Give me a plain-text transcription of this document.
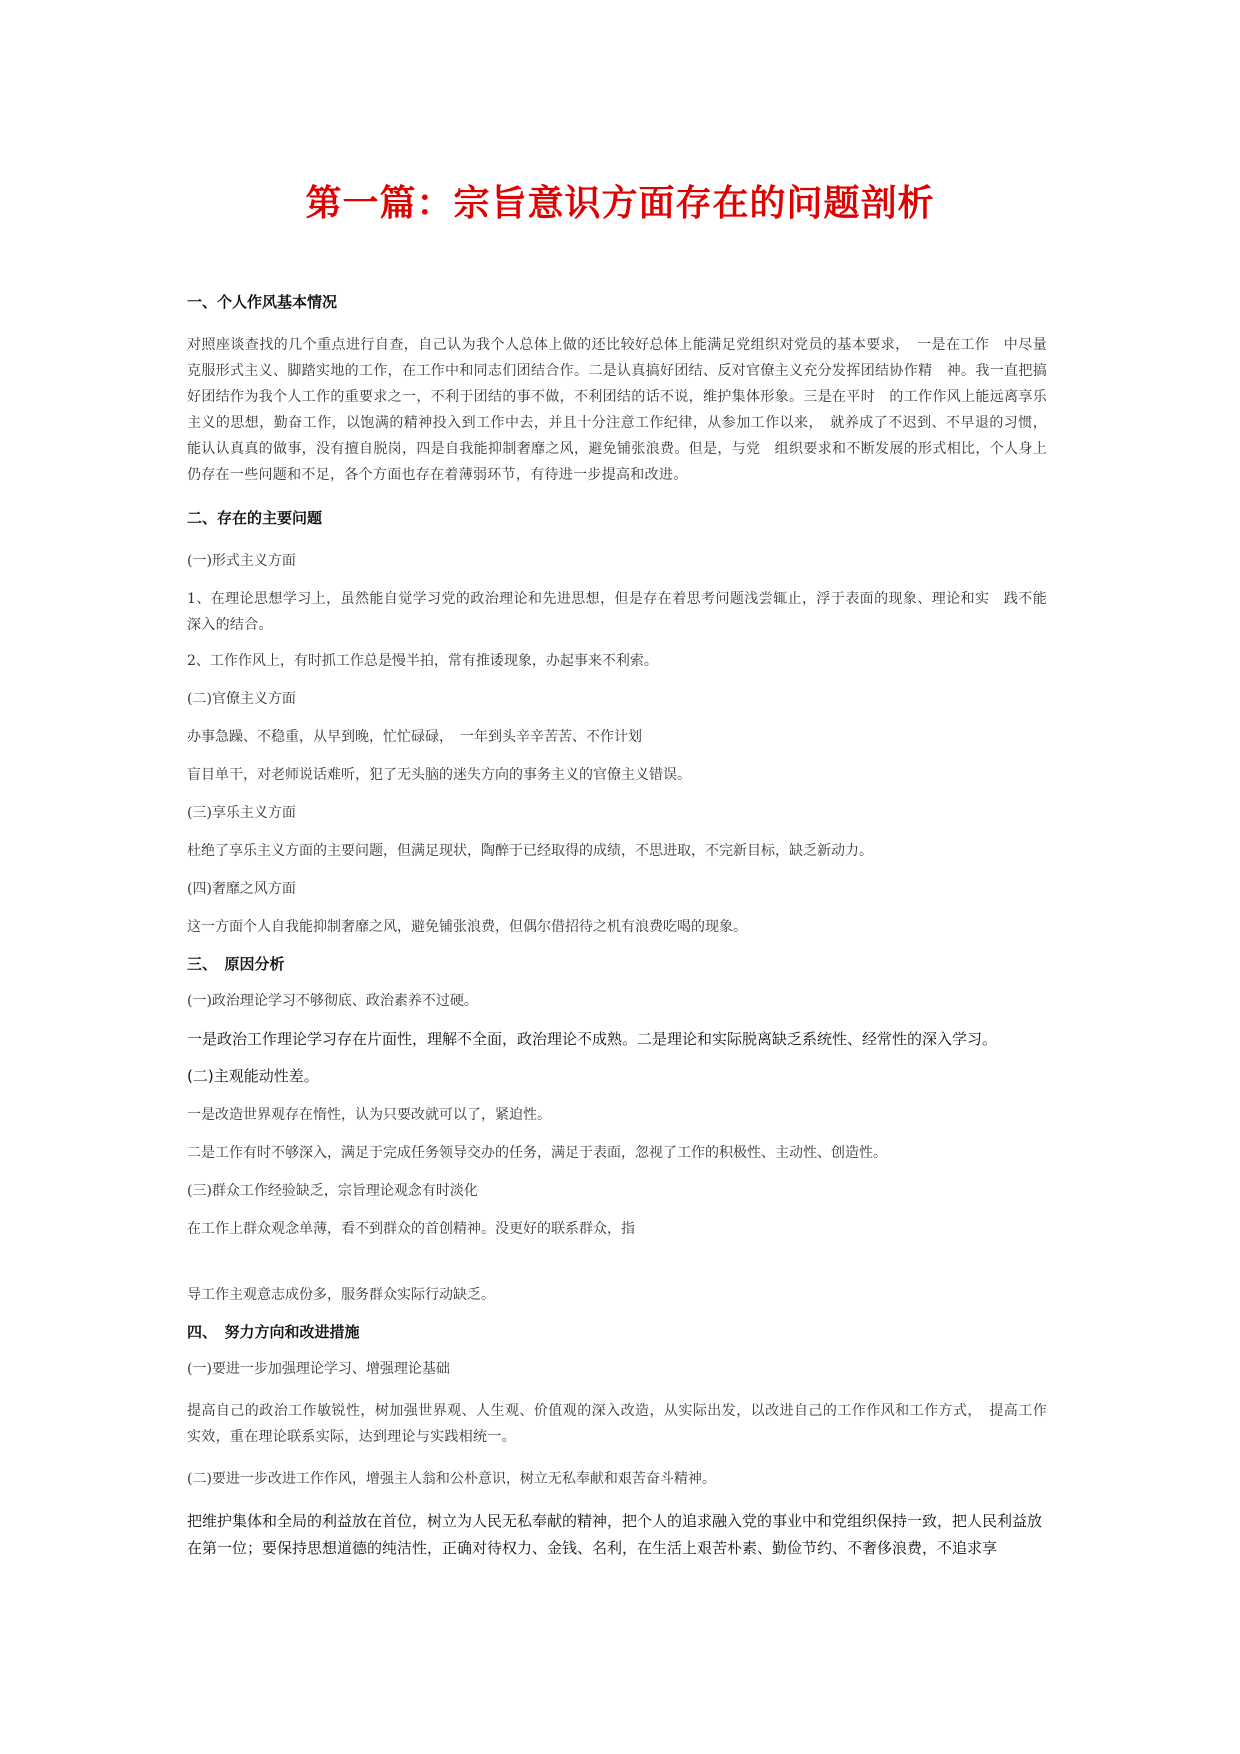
第一篇：宗旨意识方面存在的问题剖析
一、个人作风基本情况
对照座谈查找的几个重点进行自查，自己认为我个人总体上做的还比较好总体上能满足党组织对党员的基本要求，　一是在工作　中尽量克服形式主义、脚踏实地的工作，在工作中和同志们团结合作。二是认真搞好团结、反对官僚主义充分发挥团结协作精　神。我一直把搞好团结作为我个人工作的重要求之一，不利于团结的事不做，不利团结的话不说，维护集体形象。三是在平时　的工作作风上能远离享乐主义的思想，勤奋工作，以饱满的精神投入到工作中去，并且十分注意工作纪律，从参加工作以来，　就养成了不迟到、不早退的习惯，能认认真真的做事，没有擅自脱岗，四是自我能抑制奢靡之风，避免铺张浪费。但是，与党　组织要求和不断发展的形式相比，个人身上仍存在一些问题和不足，各个方面也存在着薄弱环节，有待进一步提高和改进。
二、存在的主要问题
(一)形式主义方面
1、在理论思想学习上，虽然能自觉学习党的政治理论和先进思想，但是存在着思考问题浅尝辄止，浮于表面的现象、理论和实　践不能深入的结合。
2、工作作风上，有时抓工作总是慢半拍，常有推诿现象，办起事来不利索。
(二)官僚主义方面
办事急躁、不稳重，从早到晚，忙忙碌碌，　一年到头辛辛苦苦、不作计划
盲目单干，对老师说话难听，犯了无头脑的迷失方向的事务主义的官僚主义错误。
(三)享乐主义方面
杜绝了享乐主义方面的主要问题，但满足现状，陶醉于已经取得的成绩，不思进取，不完新目标，缺乏新动力。
(四)奢靡之风方面
这一方面个人自我能抑制奢靡之风，避免铺张浪费，但偶尔借招待之机有浪费吃喝的现象。
三、　原因分析
(一)政治理论学习不够彻底、政治素养不过硬。
一是政治工作理论学习存在片面性，理解不全面，政治理论不成熟。二是理论和实际脱离缺乏系统性、经常性的深入学习。
(二)主观能动性差。
一是改造世界观存在惰性，认为只要改就可以了，紧迫性。
二是工作有时不够深入，满足于完成任务领导交办的任务，满足于表面，忽视了工作的积极性、主动性、创造性。
(三)群众工作经验缺乏，宗旨理论观念有时淡化
在工作上群众观念单薄，看不到群众的首创精神。没更好的联系群众，指
导工作主观意志成份多，服务群众实际行动缺乏。
四、　努力方向和改进措施
(一)要进一步加强理论学习、增强理论基础
提高自己的政治工作敏锐性，树加强世界观、人生观、价值观的深入改造，从实际出发，以改进自己的工作作风和工作方式，　提高工作实效，重在理论联系实际，达到理论与实践相统一。
(二)要进一步改进工作作风，增强主人翁和公朴意识，树立无私奉献和艰苦奋斗精神。
把维护集体和全局的利益放在首位，树立为人民无私奉献的精神，把个人的追求融入党的事业中和党组织保持一致，把人民利益放在第一位；要保持思想道德的纯洁性，正确对待权力、金钱、名利，在生活上艰苦朴素、勤俭节约、不奢侈浪费，不追求享
